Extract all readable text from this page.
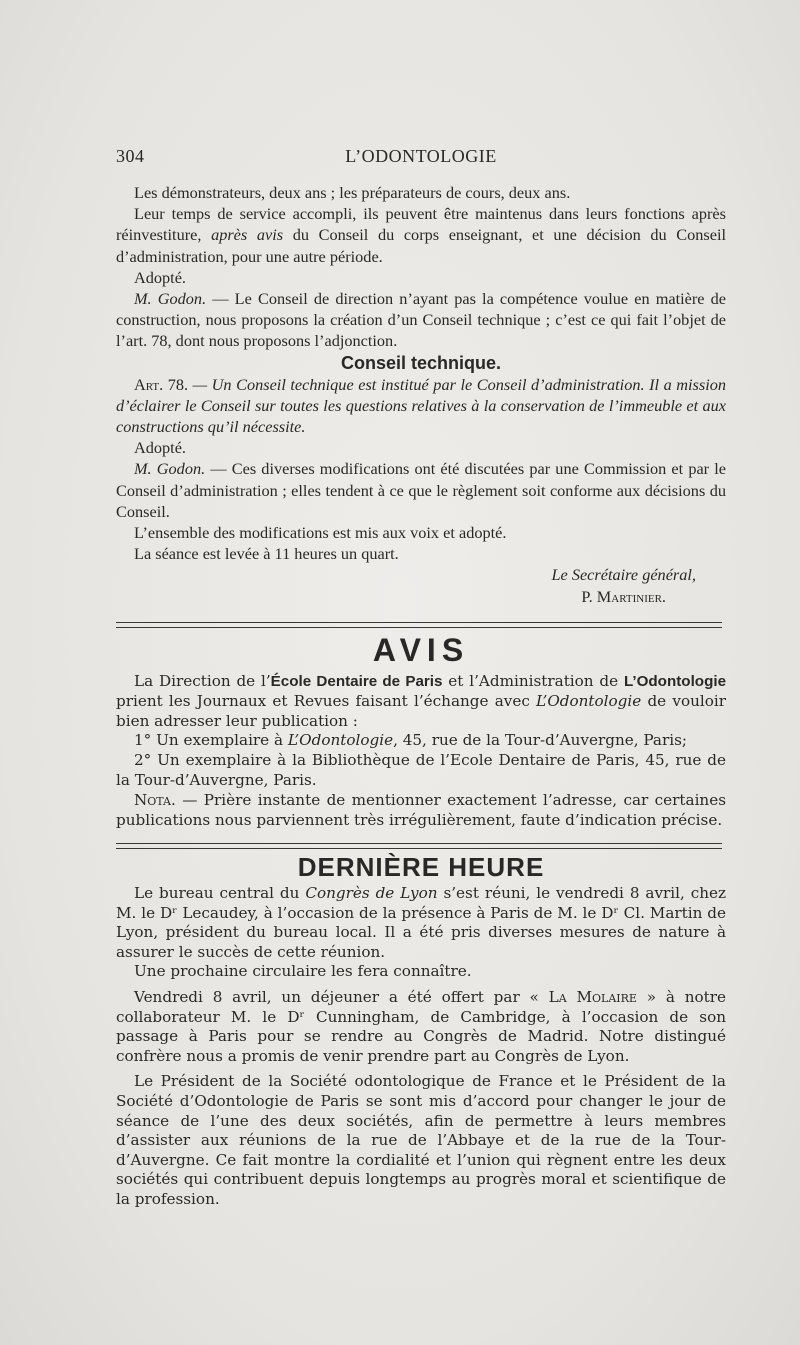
304	L’ODONTOLOGIE

Les démonstrateurs, deux ans ; les préparateurs de cours, deux ans.

Leur temps de service accompli, ils peuvent être maintenus dans leurs fonctions après réinvestiture, après avis du Conseil du corps enseignant, et une décision du Conseil d’administration, pour une autre période.

Adopté.

M. Godon. — Le Conseil de direction n’ayant pas la compétence voulue en matière de construction, nous proposons la création d’un Conseil technique ; c’est ce qui fait l’objet de l’art. 78, dont nous proposons l’adjonction.

Conseil technique.

Art. 78. — Un Conseil technique est institué par le Conseil d’administration. Il a mission d’éclairer le Conseil sur toutes les questions relatives à la conservation de l’immeuble et aux constructions qu’il nécessite.

Adopté.

M. Godon. — Ces diverses modifications ont été discutées par une Commission et par le Conseil d’administration ; elles tendent à ce que le règlement soit conforme aux décisions du Conseil.

L’ensemble des modifications est mis aux voix et adopté.

La séance est levée à 11 heures un quart.

Le Secrétaire général,

P. Martinier.

AVIS

La Direction de l’École Dentaire de Paris et l’Administration de L’Odontologie prient les Journaux et Revues faisant l’échange avec L’Odontologie de vouloir bien adresser leur publication :

1° Un exemplaire à L’Odontologie, 45, rue de la Tour-d’Auvergne, Paris;

2° Un exemplaire à la Bibliothèque de l’Ecole Dentaire de Paris, 45, rue de la Tour-d’Auvergne, Paris.

Nota. — Prière instante de mentionner exactement l’adresse, car certaines publications nous parviennent très irrégulièrement, faute d’indication précise.

DERNIÈRE HEURE

Le bureau central du Congrès de Lyon s’est réuni, le vendredi 8 avril, chez M. le Dʳ Lecaudey, à l’occasion de la présence à Paris de M. le Dʳ Cl. Martin de Lyon, président du bureau local. Il a été pris diverses mesures de nature à assurer le succès de cette réunion.

Une prochaine circulaire les fera connaître.

Vendredi 8 avril, un déjeuner a été offert par « La Molaire » à notre collaborateur M. le Dʳ Cunningham, de Cambridge, à l’occasion de son passage à Paris pour se rendre au Congrès de Madrid. Notre distingué confrère nous a promis de venir prendre part au Congrès de Lyon.

Le Président de la Société odontologique de France et le Président de la Société d’Odontologie de Paris se sont mis d’accord pour changer le jour de séance de l’une des deux sociétés, afin de permettre à leurs membres d’assister aux réunions de la rue de l’Abbaye et de la rue de la Tour-d’Auvergne. Ce fait montre la cordialité et l’union qui règnent entre les deux sociétés qui contribuent depuis longtemps au progrès moral et scientifique de la profession.
